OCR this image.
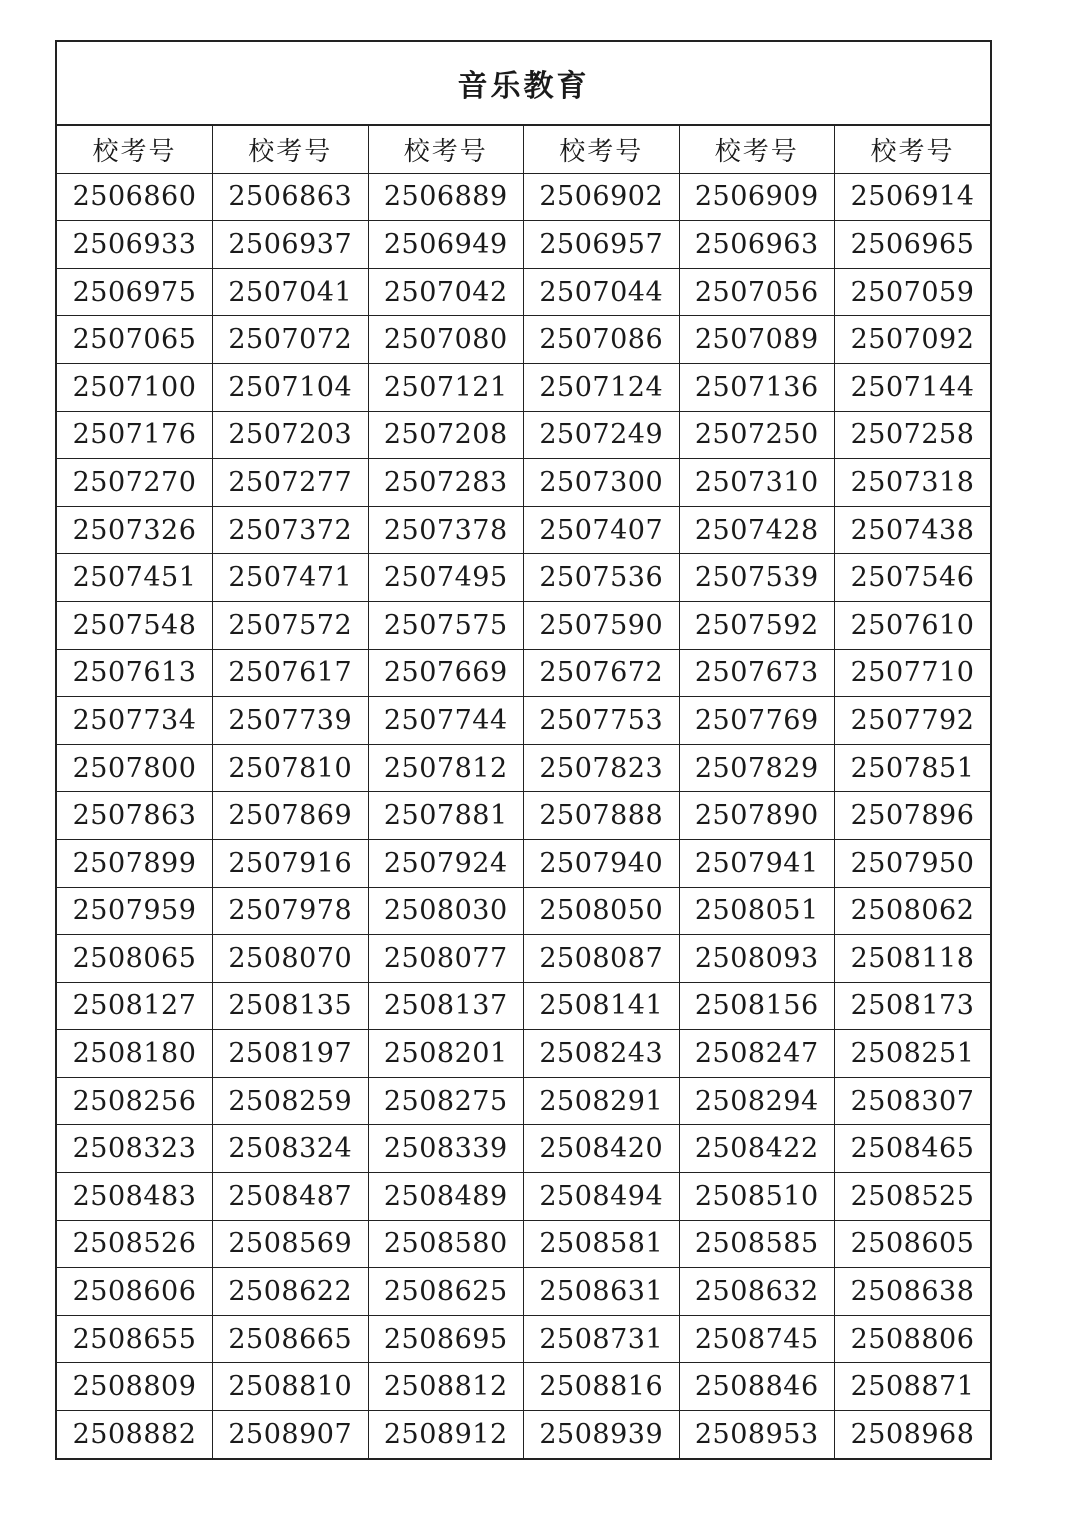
音乐教育
校考号	校考号	校考号	校考号	校考号	校考号
2506860	2506863	2506889	2506902	2506909	2506914
2506933	2506937	2506949	2506957	2506963	2506965
2506975	2507041	2507042	2507044	2507056	2507059
2507065	2507072	2507080	2507086	2507089	2507092
2507100	2507104	2507121	2507124	2507136	2507144
2507176	2507203	2507208	2507249	2507250	2507258
2507270	2507277	2507283	2507300	2507310	2507318
2507326	2507372	2507378	2507407	2507428	2507438
2507451	2507471	2507495	2507536	2507539	2507546
2507548	2507572	2507575	2507590	2507592	2507610
2507613	2507617	2507669	2507672	2507673	2507710
2507734	2507739	2507744	2507753	2507769	2507792
2507800	2507810	2507812	2507823	2507829	2507851
2507863	2507869	2507881	2507888	2507890	2507896
2507899	2507916	2507924	2507940	2507941	2507950
2507959	2507978	2508030	2508050	2508051	2508062
2508065	2508070	2508077	2508087	2508093	2508118
2508127	2508135	2508137	2508141	2508156	2508173
2508180	2508197	2508201	2508243	2508247	2508251
2508256	2508259	2508275	2508291	2508294	2508307
2508323	2508324	2508339	2508420	2508422	2508465
2508483	2508487	2508489	2508494	2508510	2508525
2508526	2508569	2508580	2508581	2508585	2508605
2508606	2508622	2508625	2508631	2508632	2508638
2508655	2508665	2508695	2508731	2508745	2508806
2508809	2508810	2508812	2508816	2508846	2508871
2508882	2508907	2508912	2508939	2508953	2508968
